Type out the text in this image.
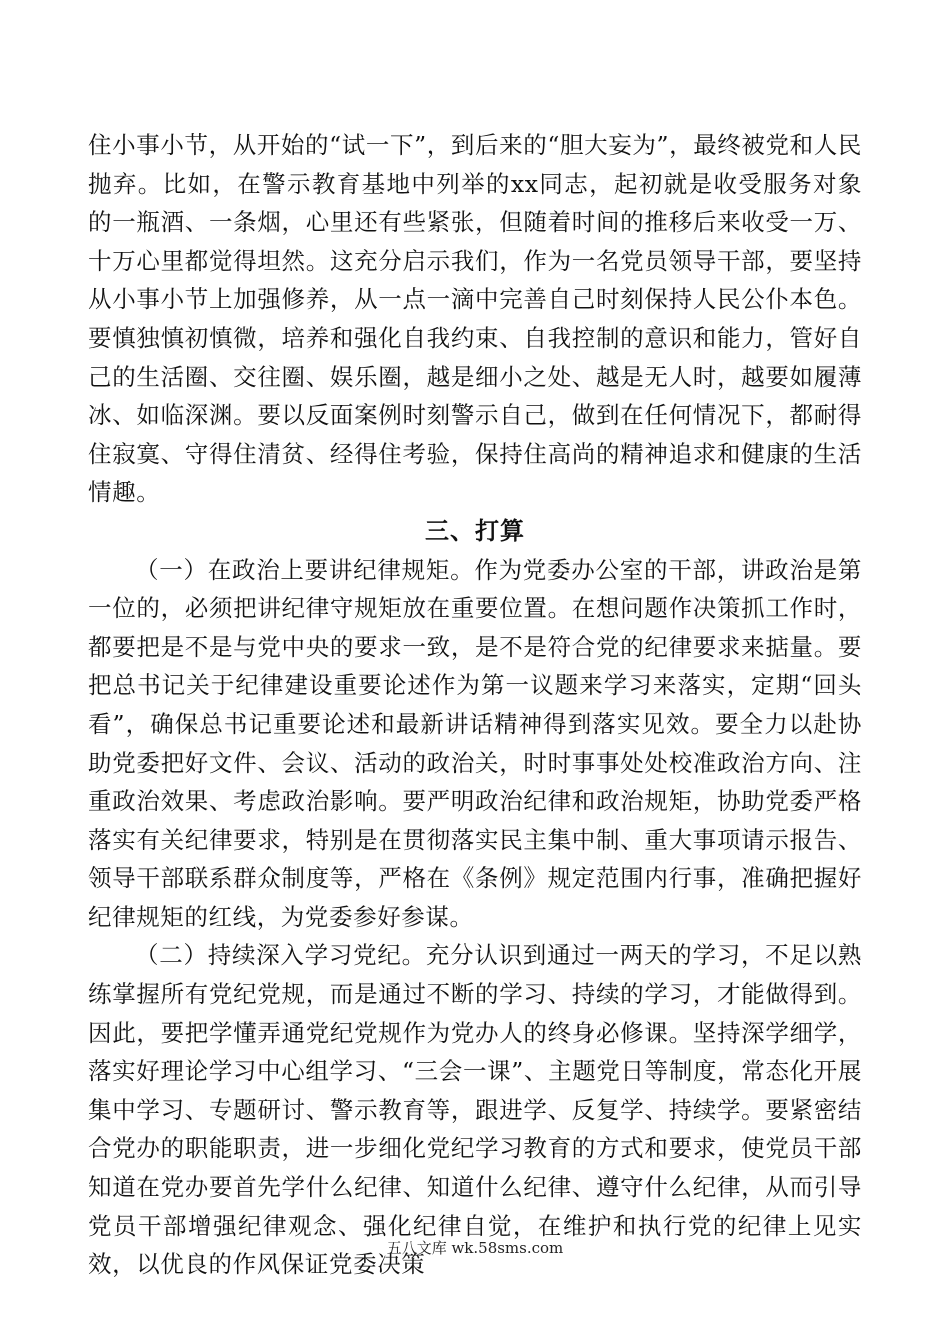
住小事小节，从开始的“试一下”，到后来的“胆大妄为”，最终被党和人民抛弃。比如，在警示教育基地中列举的xx同志，起初就是收受服务对象的一瓶酒、一条烟，心里还有些紧张，但随着时间的推移后来收受一万、十万心里都觉得坦然。这充分启示我们，作为一名党员领导干部，要坚持从小事小节上加强修养，从一点一滴中完善自己时刻保持人民公仆本色。要慎独慎初慎微，培养和强化自我约束、自我控制的意识和能力，管好自己的生活圈、交往圈、娱乐圈，越是细小之处、越是无人时，越要如履薄冰、如临深渊。要以反面案例时刻警示自己，做到在任何情况下，都耐得住寂寞、守得住清贫、经得住考验，保持住高尚的精神追求和健康的生活情趣。

三、打算

（一）在政治上要讲纪律规矩。作为党委办公室的干部，讲政治是第一位的，必须把讲纪律守规矩放在重要位置。在想问题作决策抓工作时，都要把是不是与党中央的要求一致，是不是符合党的纪律要求来掂量。要把总书记关于纪律建设重要论述作为第一议题来学习来落实，定期“回头看”，确保总书记重要论述和最新讲话精神得到落实见效。要全力以赴协助党委把好文件、会议、活动的政治关，时时事事处处校准政治方向、注重政治效果、考虑政治影响。要严明政治纪律和政治规矩，协助党委严格落实有关纪律要求，特别是在贯彻落实民主集中制、重大事项请示报告、领导干部联系群众制度等，严格在《条例》规定范围内行事，准确把握好纪律规矩的红线，为党委参好参谋。

（二）持续深入学习党纪。充分认识到通过一两天的学习，不足以熟练掌握所有党纪党规，而是通过不断的学习、持续的学习，才能做得到。因此，要把学懂弄通党纪党规作为党办人的终身必修课。坚持深学细学，落实好理论学习中心组学习、“三会一课”、主题党日等制度，常态化开展集中学习、专题研讨、警示教育等，跟进学、反复学、持续学。要紧密结合党办的职能职责，进一步细化党纪学习教育的方式和要求，使党员干部知道在党办要首先学什么纪律、知道什么纪律、遵守什么纪律，从而引导党员干部增强纪律观念、强化纪律自觉，在维护和执行党的纪律上见实效，以优良的作风保证党委决策

五八文库 wk.58sms.com
